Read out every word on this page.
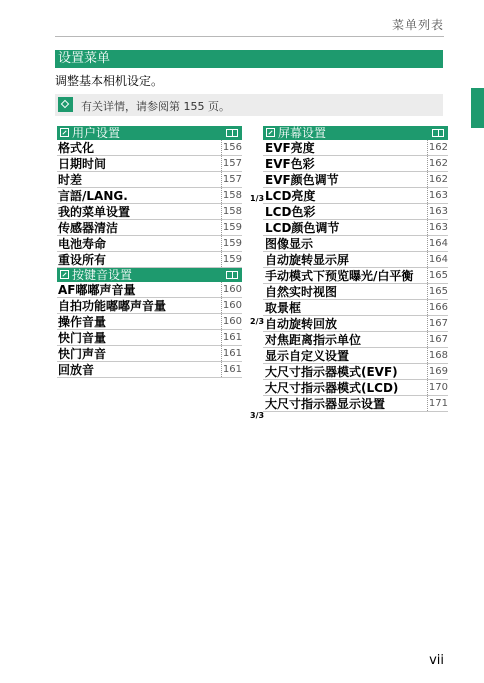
菜单列表
设置菜单
调整基本相机设定。
有关详情，请参阅第 155 页。
用户设置
格式化	156
日期时间	157
时差	157
言語/LANG.	158
我的菜单设置	158
传感器清洁	159
电池寿命	159
重设所有	159
按键音设置
AF嘟嘟声音量	160
自拍功能嘟嘟声音量	160
操作音量	160
快门音量	161
快门声音	161
回放音	161
屏幕设置
EVF亮度	162
EVF色彩	162
EVF颜色调节	162
LCD亮度	163
LCD色彩	163
LCD颜色调节	163
图像显示	164
自动旋转显示屏	164
手动模式下预览曝光/白平衡 165
自然实时视图	165
取景框	166
自动旋转回放	167
对焦距离指示单位	167
显示自定义设置	168
大尺寸指示器模式(EVF)	169
大尺寸指示器模式(LCD)	170
大尺寸指示器显示设置	171
1/3
2/3
3/3
vii
